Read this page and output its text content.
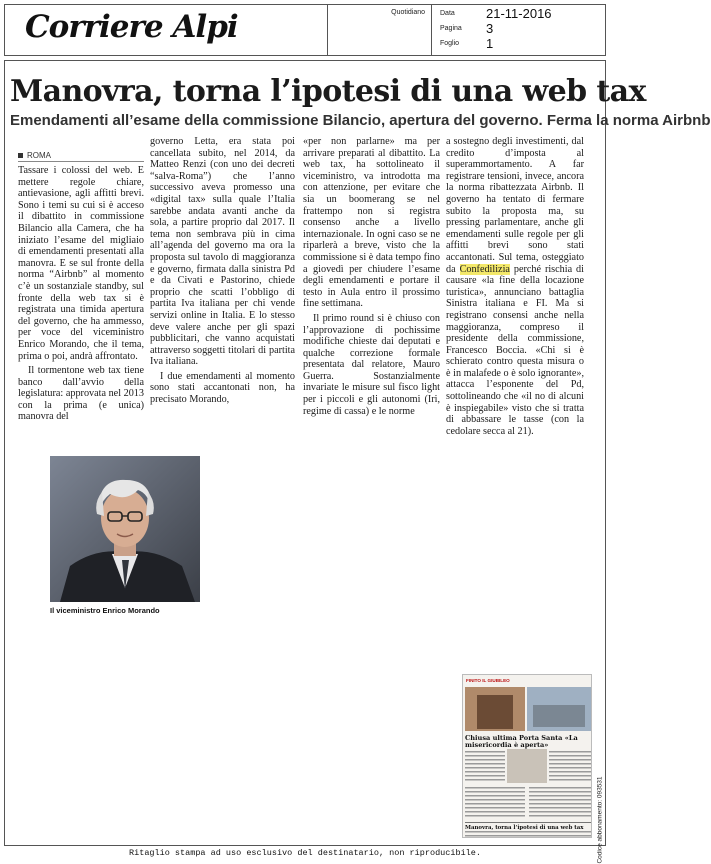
Corriere Alpi	Quotidiano Data 21-11-2016
Pagina 3
Foglio 1
Manovra, torna l’ipotesi di una web tax
Emendamenti all’esame della commissione Bilancio, apertura del governo. Ferma la norma Airbnb
ROMA

Tassare i colossi del web. E mettere regole chiare, antievasione, agli affitti brevi. Sono i temi su cui si è acceso il dibattito in commissione Bilancio alla Camera, che ha iniziato l’esame del migliaio di emendamenti presentati alla manovra. E se sul fronte della norma “Airbnb” al momento c’è un sostanziale standby, sul fronte della web tax si è registrata una timida apertura del governo, che ha ammesso, per voce del viceministro Enrico Morando, che il tema, prima o poi, andrà affrontato.

Il tormentone web tax tiene banco dall’avvio della legislatura: approvata nel 2013 con la prima (e unica) manovra del

governo Letta, era stata poi cancellata subito, nel 2014, da Matteo Renzi (con uno dei decreti “salva-Roma”) che l’anno successivo aveva promesso una «digital tax» sulla quale l’Italia sarebbe andata avanti anche da sola, a partire proprio dal 2017. Il tema non sembrava più in cima all’agenda del governo ma ora la proposta sul tavolo di maggioranza e governo, firmata dalla sinistra Pd e da Civati e Pastorino, chiede proprio che scatti l’obbligo di partita Iva italiana per chi vende servizi online in Italia. E lo stesso deve valere anche per gli spazi pubblicitari, che vanno acquistati attraverso soggetti titolari di partita Iva italiana.

I due emendamenti al momento sono stati accantonati non, ha precisato Morando,

«per non parlarne» ma per arrivare preparati al dibattito. La web tax, ha sottolineato il viceministro, va introdotta ma con attenzione, per evitare che sia un boomerang se nel frattempo non si registra consenso anche a livello internazionale. In ogni caso se ne riparlerà a breve, visto che la commissione si è data tempo fino a giovedì per chiudere l’esame degli emendamenti e portare il testo in Aula entro il prossimo fine settimana.

Il primo round si è chiuso con l’approvazione di pochissime modifiche chieste dai deputati e qualche correzione formale presentata dal relatore, Mauro Guerra. Sostanzialmente invariate le misure sul fisco light per i piccoli e gli autonomi (Iri, regime di cassa) e le norme

a sostegno degli investimenti, dal credito d’imposta al superammortamento. A far registrare tensioni, invece, ancora la norma ribattezzata Airbnb. Il governo ha tentato di fermare subito la proposta ma, su pressing parlamentare, anche gli emendamenti sulle regole per gli affitti brevi sono stati accantonati. Sul tema, osteggiato da Confedilizia perché rischia di causare «la fine della locazione turistica», annunciano battaglia Sinistra italiana e FI. Ma si registrano consensi anche nella maggioranza, compreso il presidente della commissione, Francesco Boccia. «Chi si è schierato contro questa misura o è in malafede o è solo ignorante», attacca l’esponente del Pd, sottolineando che «il no di alcuni è inspiegabile» visto che si tratta di abbassare le tasse (con la cedolare secca al 21).

Il viceministro Enrico Morando
FINITO IL GIUBILEO
Chiusa ultima Porta Santa «La misericordia è aperta»
Manovra, torna l’ipotesi di una web tax	Codice abbonamento: 093531
Ritaglio stampa ad uso esclusivo del destinatario, non riproducibile.
